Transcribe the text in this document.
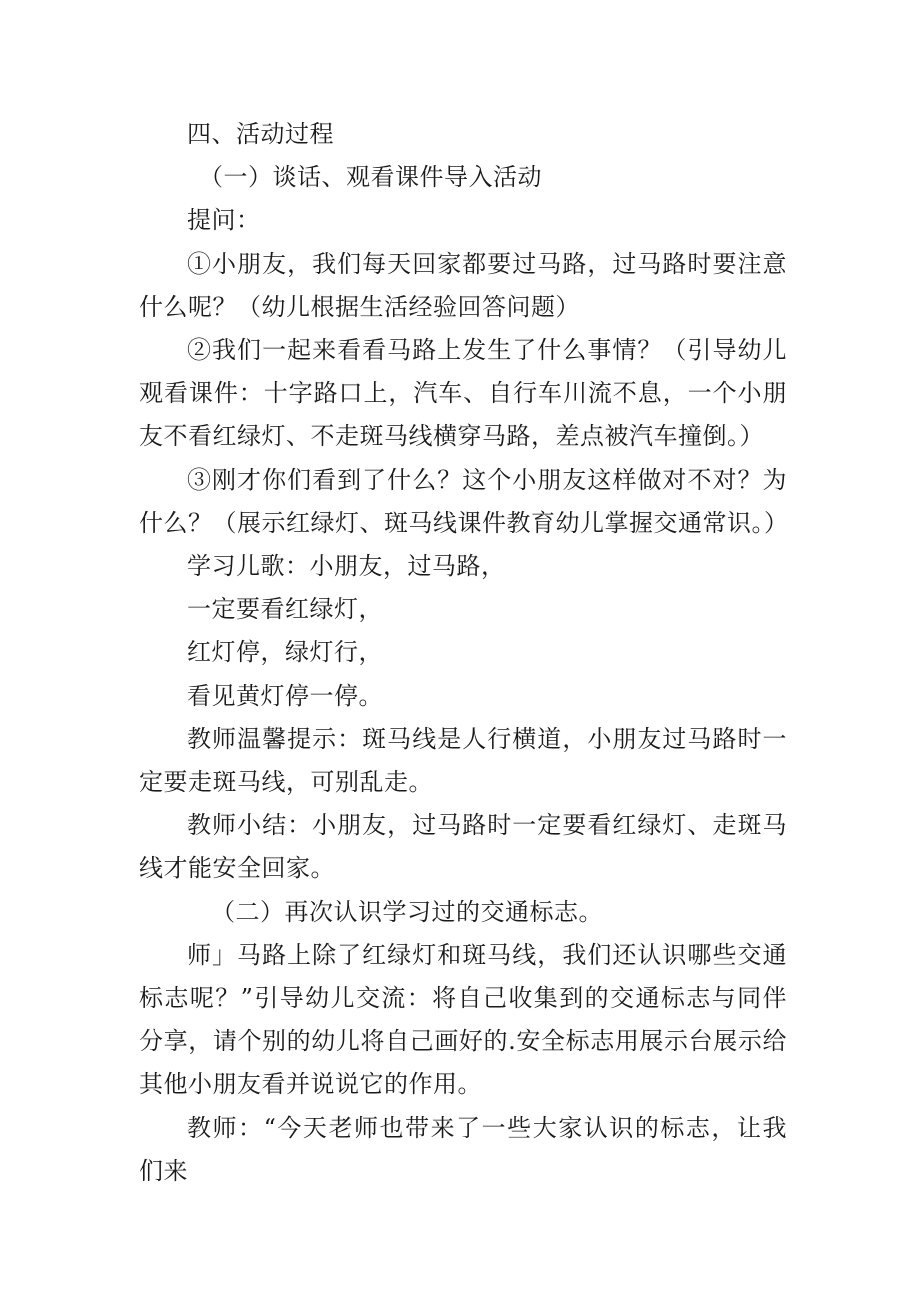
四、活动过程

（一）谈话、观看课件导入活动

提问：

①小朋友，我们每天回家都要过马路，过马路时要注意什么呢？（幼儿根据生活经验回答问题）

②我们一起来看看马路上发生了什么事情？（引导幼儿观看课件：十字路口上，汽车、自行车川流不息，一个小朋友不看红绿灯、不走斑马线横穿马路，差点被汽车撞倒。）

③刚才你们看到了什么？这个小朋友这样做对不对？为什么？（展示红绿灯、斑马线课件教育幼儿掌握交通常识。）

学习儿歌：小朋友，过马路，

一定要看红绿灯，

红灯停，绿灯行，

看见黄灯停一停。

教师温馨提示：斑马线是人行横道，小朋友过马路时一定要走斑马线，可别乱走。

教师小结：小朋友，过马路时一定要看红绿灯、走斑马线才能安全回家。

（二）再次认识学习过的交通标志。

师」马路上除了红绿灯和斑马线，我们还认识哪些交通标志呢？”引导幼儿交流：将自己收集到的交通标志与同伴分享，请个别的幼儿将自己画好的.安全标志用展示台展示给其他小朋友看并说说它的作用。

教师：“今天老师也带来了一些大家认识的标志，让我们来
